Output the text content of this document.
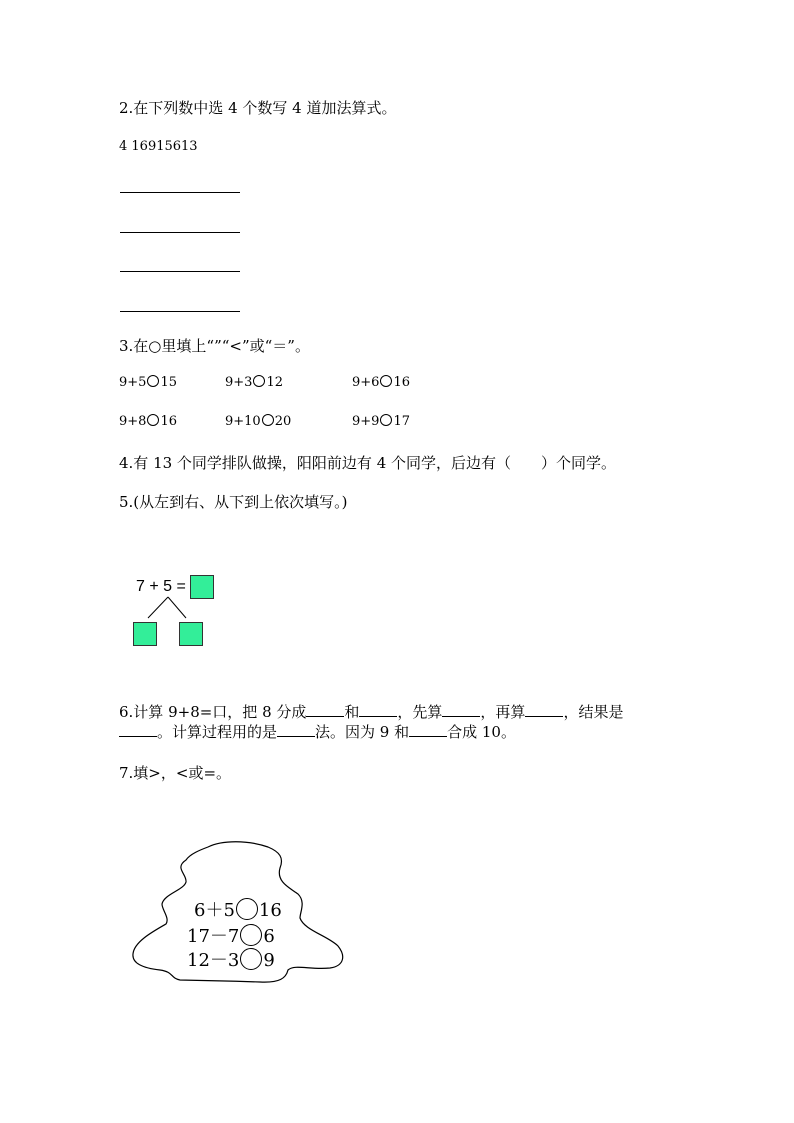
2.在下列数中选 4 个数写 4 道加法算式。
4 16915613
3.在○里填上“”“<”或“＝”。
9+5 15	9+3 12	9+6 16
9+8 16	9+10 20	9+9 17
4.有 13 个同学排队做操，阳阳前边有 4 个同学，后边有（　　）个同学。
5.(从左到右、从下到上依次填写。)
7 + 5 =
6.计算 9+8=口，把 8 分成	和	，先算	，再算	，结果是
。计算过程用的是	法。因为 9 和	合成 10。
7.填>，<或=。
6＋5 16
17－7 6
12－3 9
